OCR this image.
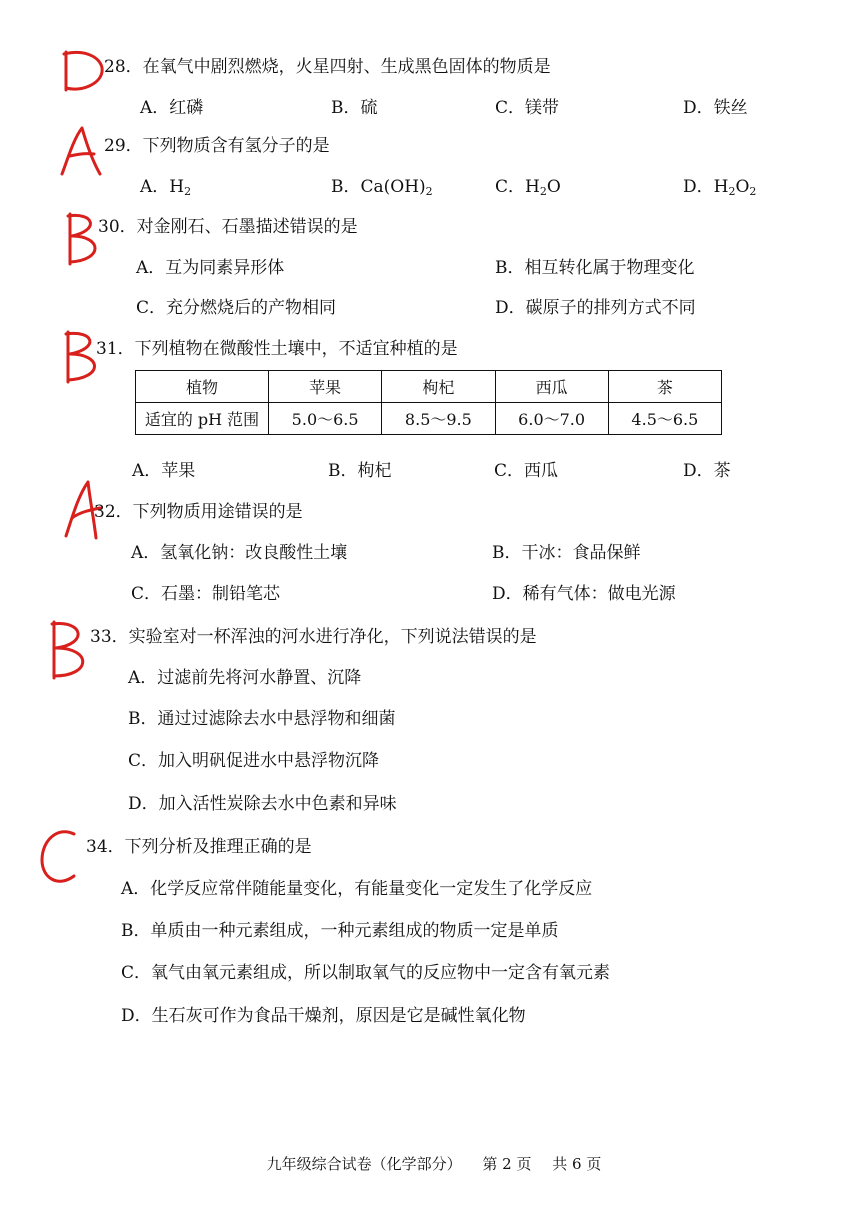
28．在氧气中剧烈燃烧，火星四射、生成黑色固体的物质是
A．红磷	B．硫	C．镁带	D．铁丝
29．下列物质含有氢分子的是
A．$H_2$	B．$Ca(OH)_2$	C．$H_2O$	D．$H_2O_2$
30．对金刚石、石墨描述错误的是
A．互为同素异形体	B．相互转化属于物理变化
C．充分燃烧后的产物相同	D．碳原子的排列方式不同
31．下列植物在微酸性土壤中，不适宜种植的是
植物	苹果	枸杞	西瓜	茶
适宜的 pH 范围	5.0～6.5	8.5～9.5	6.0～7.0	4.5～6.5
A．苹果	B．枸杞	C．西瓜	D．茶
32．下列物质用途错误的是
A．氢氧化钠：改良酸性土壤	B．干冰：食品保鲜
C．石墨：制铅笔芯	D．稀有气体：做电光源
33．实验室对一杯浑浊的河水进行净化，下列说法错误的是
A．过滤前先将河水静置、沉降
B．通过过滤除去水中悬浮物和细菌
C．加入明矾促进水中悬浮物沉降
D．加入活性炭除去水中色素和异味
34．下列分析及推理正确的是
A．化学反应常伴随能量变化，有能量变化一定发生了化学反应
B．单质由一种元素组成，一种元素组成的物质一定是单质
C．氧气由氧元素组成，所以制取氧气的反应物中一定含有氧元素
D．生石灰可作为食品干燥剂，原因是它是碱性氧化物
九年级综合试卷（化学部分） 第 2 页 共 6 页
